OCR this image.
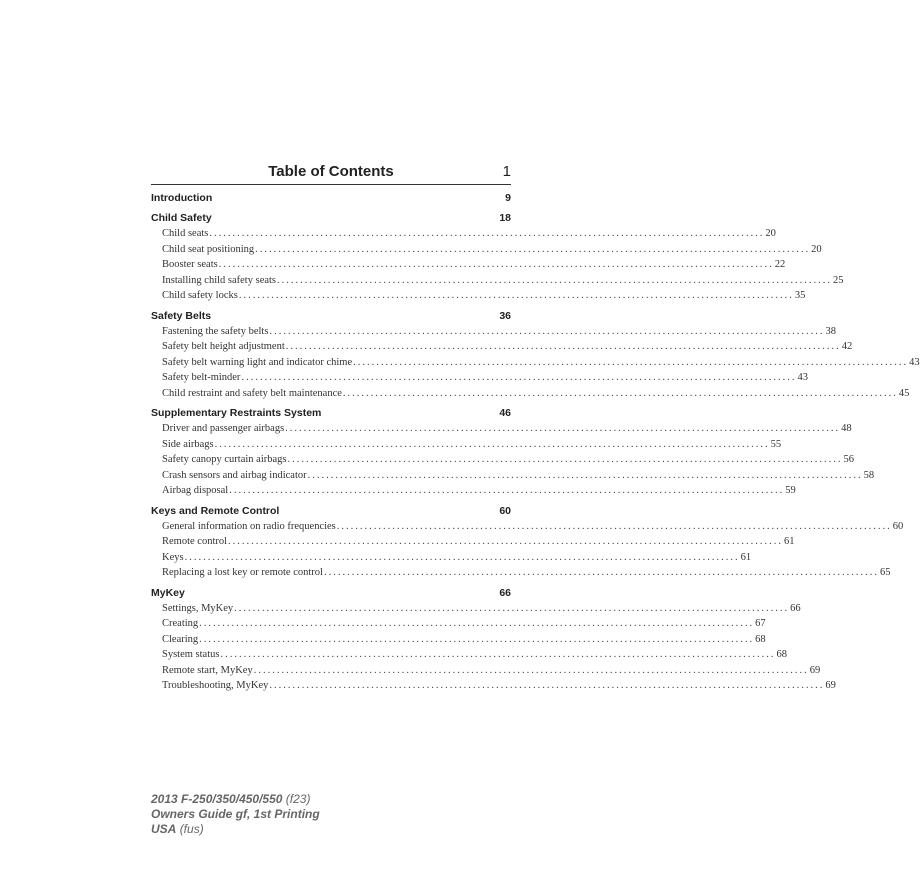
Table of Contents	1
Introduction	9
Child Safety	18
Child seats ........................................................................................................................ 20
Child seat positioning ........................................................................................................................ 20
Booster seats ........................................................................................................................ 22
Installing child safety seats ........................................................................................................................ 25
Child safety locks ........................................................................................................................ 35
Safety Belts	36
Fastening the safety belts ........................................................................................................................ 38
Safety belt height adjustment ........................................................................................................................ 42
Safety belt warning light and indicator chime ........................................................................................................................ 43
Safety belt-minder ........................................................................................................................ 43
Child restraint and safety belt maintenance ........................................................................................................................ 45
Supplementary Restraints System	46
Driver and passenger airbags ........................................................................................................................ 48
Side airbags ........................................................................................................................ 55
Safety canopy curtain airbags ........................................................................................................................ 56
Crash sensors and airbag indicator ........................................................................................................................ 58
Airbag disposal ........................................................................................................................ 59
Keys and Remote Control	60
General information on radio frequencies ........................................................................................................................ 60
Remote control ........................................................................................................................ 61
Keys ........................................................................................................................ 61
Replacing a lost key or remote control ........................................................................................................................ 65
MyKey	66
Settings, MyKey ........................................................................................................................ 66
Creating ........................................................................................................................ 67
Clearing ........................................................................................................................ 68
System status ........................................................................................................................ 68
Remote start, MyKey ........................................................................................................................ 69
Troubleshooting, MyKey ........................................................................................................................ 69
2013 F-250/350/450/550 (f23)
Owners Guide gf, 1st Printing
USA (fus)
